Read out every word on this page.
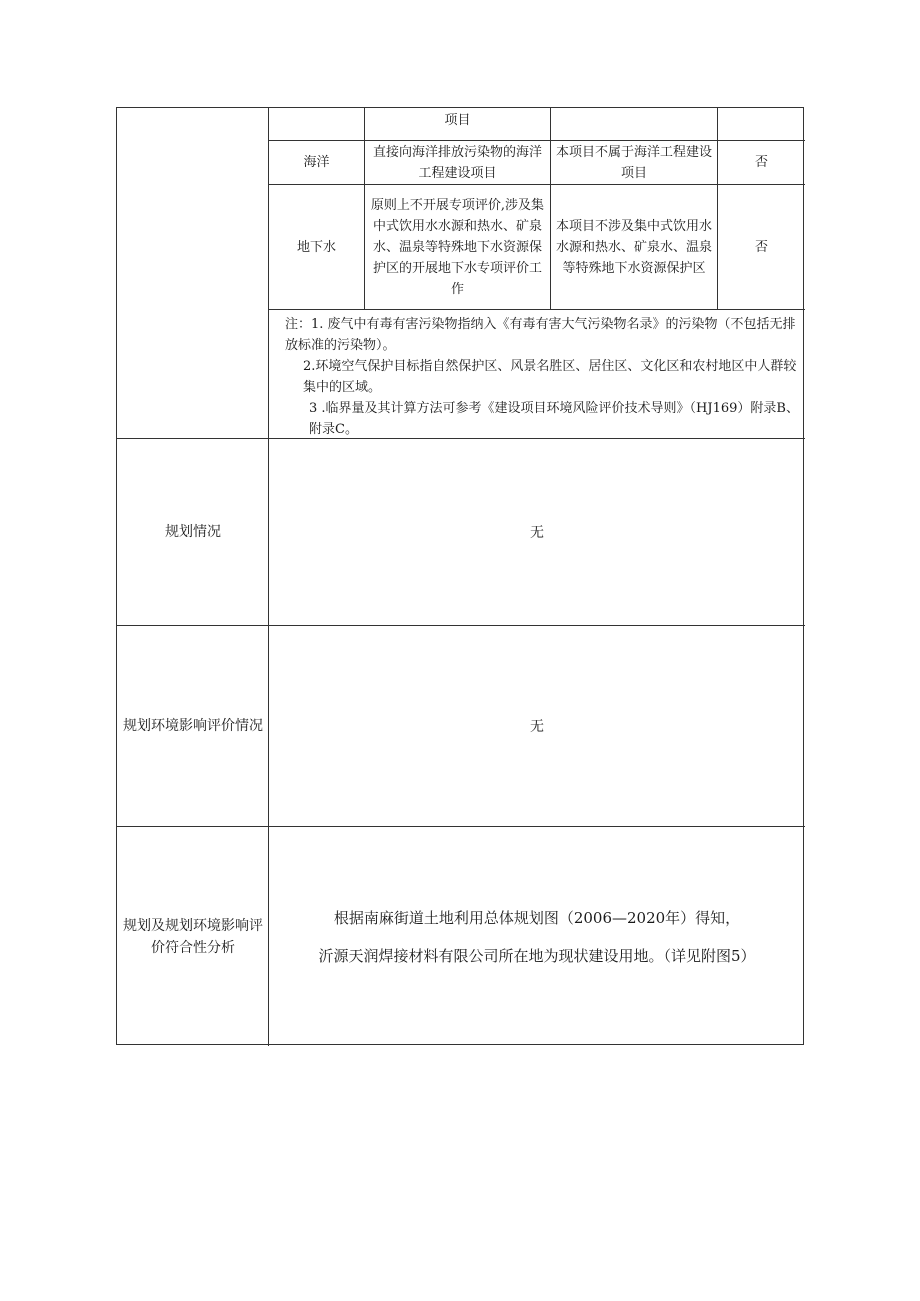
项目
海洋
直接向海洋排放污染物的海洋工程建设项目
本项目不属于海洋工程建设项目
否
地下水
原则上不开展专项评价,涉及集中式饮用水水源和热水、矿泉水、温泉等特殊地下水资源保护区的开展地下水专项评价工作
本项目不涉及集中式饮用水水源和热水、矿泉水、温泉等特殊地下水资源保护区
否

注：1. 废气中有毒有害污染物指纳入《有毒有害大气污染物名录》的污染物（不包括无排放标准的污染物）。

2.环境空气保护目标指自然保护区、风景名胜区、居住区、文化区和农村地区中人群较集中的区域。

3 .临界量及其计算方法可参考《建设项目环境风险评价技术导则》（HJ169）附录B、附录C。

规划情况	无
规划环境影响评价情况	无
规划及规划环境影响评价符合性分析

根据南麻街道土地利用总体规划图（2006—2020年）得知，

沂源天润焊接材料有限公司所在地为现状建设用地。（详见附图5）
